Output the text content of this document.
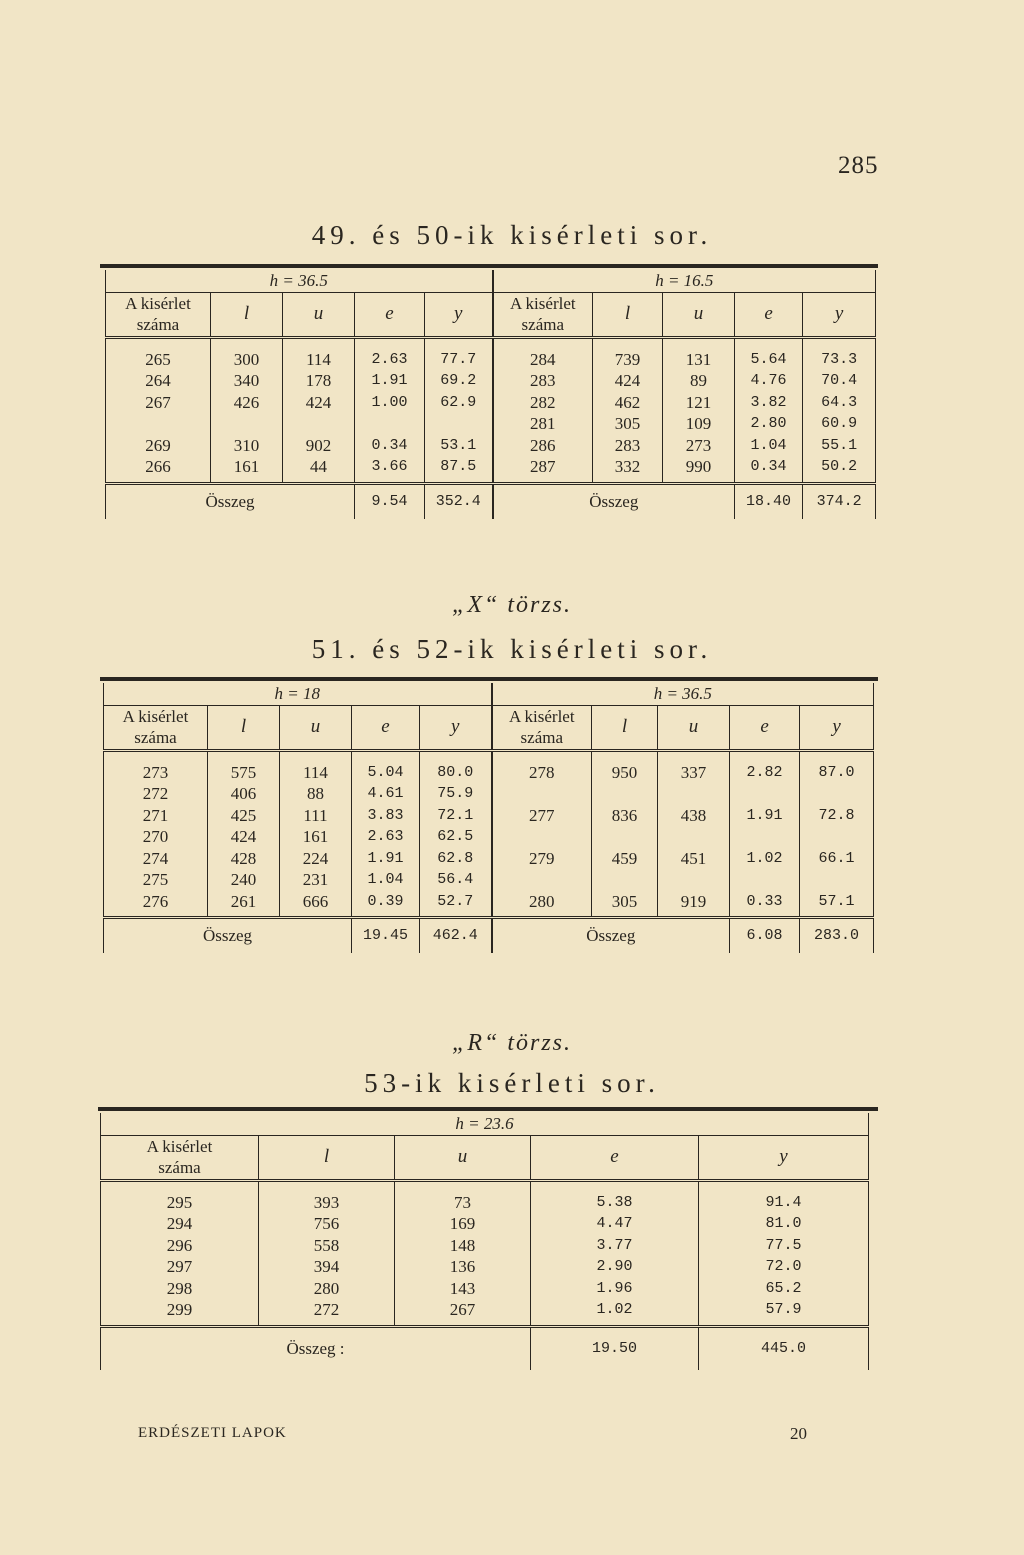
285
49. és 50-ik kisérleti sor.
h = 36.5					h = 16.5				
A kisérlet
száma	l	u	e	y	A kisérlet
száma	l	u	e	y
265	300	114	2.63	77.7	284	739	131	5.64	73.3
264	340	178	1.91	69.2	283	424	89	4.76	70.4
267	426	424	1.00	62.9	282	462	121	3.82	64.3
					281	305	109	2.80	60.9
269	310	902	0.34	53.1	286	283	273	1.04	55.1
266	161	44	3.66	87.5	287	332	990	0.34	50.2
Összeg			9.54	352.4	Összeg			18.40	374.2
„X“ törzs.
51. és 52-ik kisérleti sor.
h = 18					h = 36.5				
A kisérlet
száma	l	u	e	y	A kisérlet
száma	l	u	e	y
273	575	114	5.04	80.0	278	950	337	2.82	87.0
272	406	88	4.61	75.9					
271	425	111	3.83	72.1	277	836	438	1.91	72.8
270	424	161	2.63	62.5					
274	428	224	1.91	62.8	279	459	451	1.02	66.1
275	240	231	1.04	56.4					
276	261	666	0.39	52.7	280	305	919	0.33	57.1
Összeg			19.45	462.4	Összeg			6.08	283.0
„R“ törzs.
53-ik kisérleti sor.
h = 23.6				
A kisérlet
száma	l	u	e	y
295	393	73	5.38	91.4
294	756	169	4.47	81.0
296	558	148	3.77	77.5
297	394	136	2.90	72.0
298	280	143	1.96	65.2
299	272	267	1.02	57.9
Összeg :			19.50	445.0
ERDÉSZETI LAPOK	20
